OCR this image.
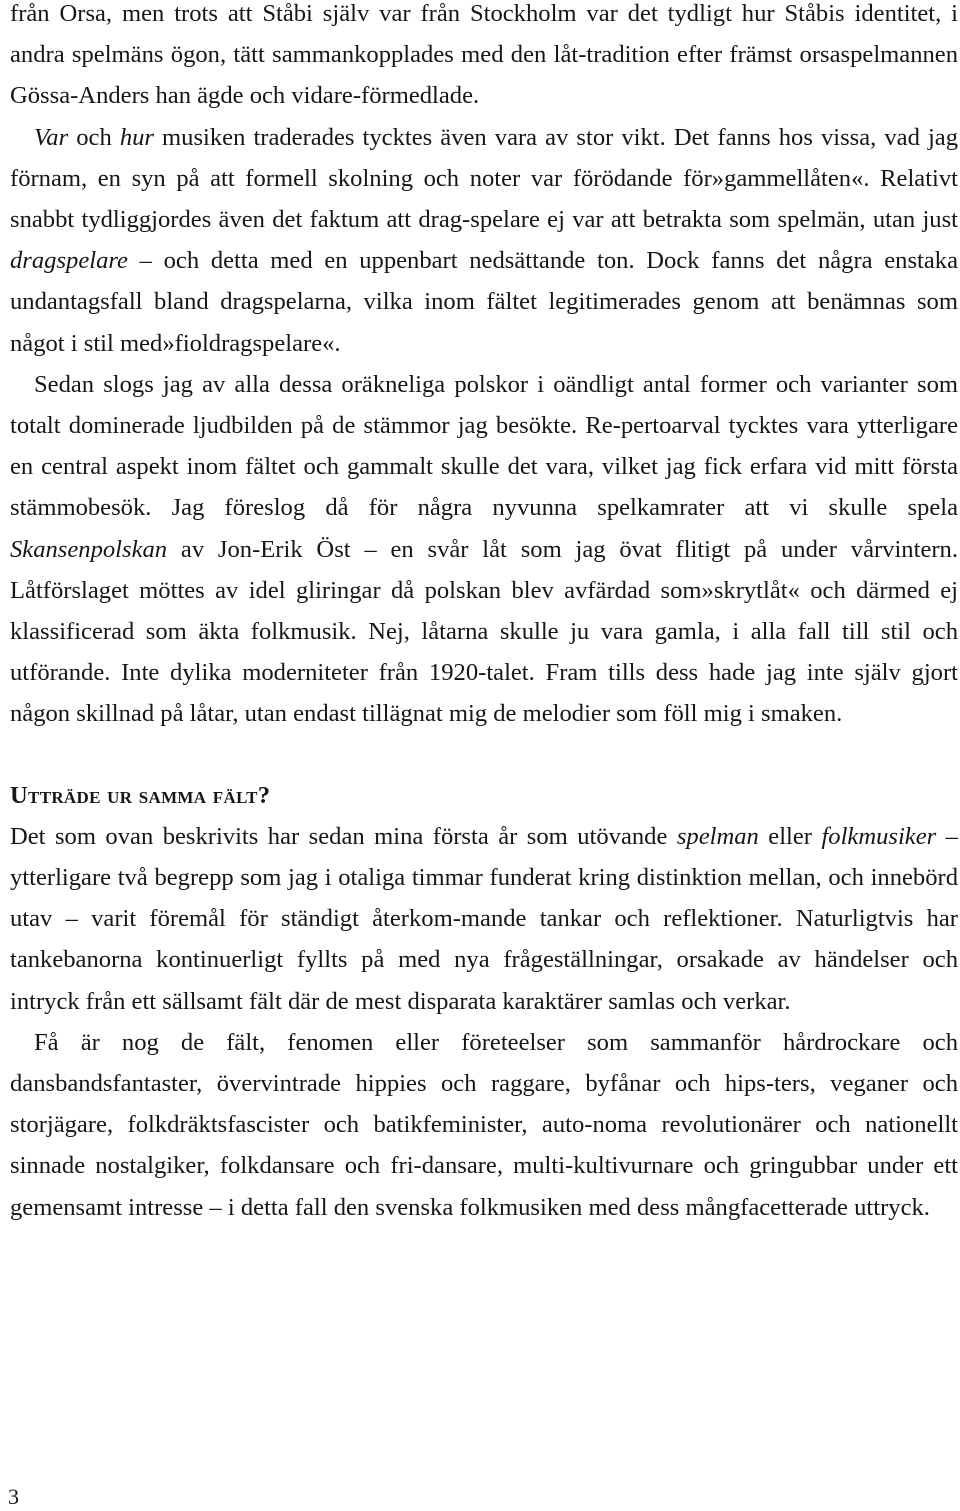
från Orsa, men trots att Ståbi själv var från Stockholm var det tydligt hur Ståbis identitet, i andra spelmäns ögon, tätt sammankopplades med den låt-tradition efter främst orsaspelmannen Gössa-Anders han ägde och vidare-förmedlade.

Var och hur musiken traderades tycktes även vara av stor vikt. Det fanns hos vissa, vad jag förnam, en syn på att formell skolning och noter var förödande för»gammellåten«. Relativt snabbt tydliggjordes även det faktum att drag-spelare ej var att betrakta som spelmän, utan just dragspelare – och detta med en uppenbart nedsättande ton. Dock fanns det några enstaka undantagsfall bland dragspelarna, vilka inom fältet legitimerades genom att benämnas som något i stil med»fioldragspelare«.

Sedan slogs jag av alla dessa oräkneliga polskor i oändligt antal former och varianter som totalt dominerade ljudbilden på de stämmor jag besökte. Re-pertoarval tycktes vara ytterligare en central aspekt inom fältet och gammalt skulle det vara, vilket jag fick erfara vid mitt första stämmobesök. Jag föreslog då för några nyvunna spelkamrater att vi skulle spela Skansenpolskan av Jon-Erik Öst – en svår låt som jag övat flitigt på under vårvintern. Låtförslaget möttes av idel gliringar då polskan blev avfärdad som»skrytlåt« och därmed ej klassificerad som äkta folkmusik. Nej, låtarna skulle ju vara gamla, i alla fall till stil och utförande. Inte dylika moderniteter från 1920-talet. Fram tills dess hade jag inte själv gjort någon skillnad på låtar, utan endast tillägnat mig de melodier som föll mig i smaken.

Utträde ur samma fält?

Det som ovan beskrivits har sedan mina första år som utövande spelman eller folkmusiker – ytterligare två begrepp som jag i otaliga timmar funderat kring distinktion mellan, och innebörd utav – varit föremål för ständigt återkom-mande tankar och reflektioner. Naturligtvis har tankebanorna kontinuerligt fyllts på med nya frågeställningar, orsakade av händelser och intryck från ett sällsamt fält där de mest disparata karaktärer samlas och verkar.

Få är nog de fält, fenomen eller företeelser som sammanför hårdrockare och dansbandsfantaster, övervintrade hippies och raggare, byfånar och hips-ters, veganer och storjägare, folkdräktsfascister och batikfeminister, auto-noma revolutionärer och nationellt sinnade nostalgiker, folkdansare och fri-dansare, multi-kultivurnare och gringubbar under ett gemensamt intresse – i detta fall den svenska folkmusiken med dess mångfacetterade uttryck.

3
